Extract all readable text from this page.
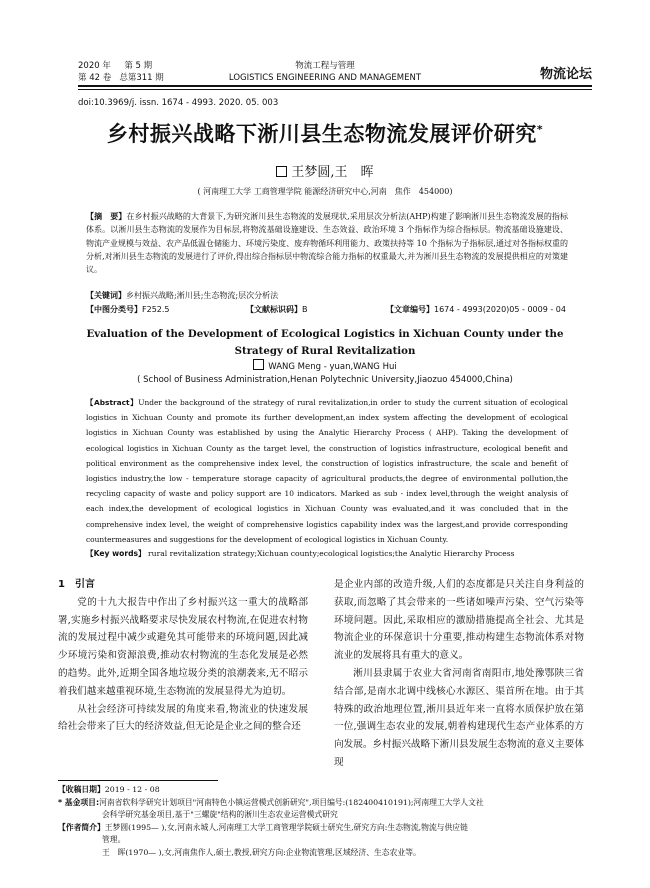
2020 年 第 5 期
第 42 卷 总第311 期
物流工程与管理
LOGISTICS ENGINEERING AND MANAGEMENT	物流论坛
doi:10.3969/j. issn. 1674 - 4993. 2020. 05. 003
乡村振兴战略下淅川县生态物流发展评价研究*
王梦圆,王　晖
( 河南理工大学 工商管理学院 能源经济研究中心,河南　焦作　454000)
【摘　要】在乡村振兴战略的大背景下,为研究淅川县生态物流的发展现状,采用层次分析法(AHP)构建了影响淅川县生态物流发展的指标体系。以淅川县生态物流的发展作为目标层,将物流基础设施建设、生态效益、政治环境 3 个指标作为综合指标层。物流基础设施建设、物流产业规模与效益、农产品低温仓储能力、环境污染度、废弃物循环利用能力、政策扶持等 10 个指标为子指标层,通过对各指标权重的分析,对淅川县生态物流的发展进行了评价,得出综合指标层中物流综合能力指标的权重最大,并为淅川县生态物流的发展提供相应的对策建议。
【关键词】乡村振兴战略;淅川县;生态物流;层次分析法
【中图分类号】F252.5	【文献标识码】B	【文章编号】1674 - 4993(2020)05 - 0009 - 04
Evaluation of the Development of Ecological Logistics in Xichuan County under the
Strategy of Rural Revitalization
WANG Meng - yuan,WANG Hui
( School of Business Administration,Henan Polytechnic University,Jiaozuo 454000,China)
【Abstract】Under the background of the strategy of rural revitalization,in order to study the current situation of ecological logistics in Xichuan County and promote its further development,an index system affecting the development of ecological logistics in Xichuan County was established by using the Analytic Hierarchy Process ( AHP). Taking the development of ecological logistics in Xichuan County as the target level, the construction of logistics infrastructure, ecological benefit and political environment as the comprehensive index level, the construction of logistics infrastructure, the scale and benefit of logistics industry,the low - temperature storage capacity of agricultural products,the degree of environmental pollution,the recycling capacity of waste and policy support are 10 indicators. Marked as sub - index level,through the weight analysis of each index,the development of ecological logistics in Xichuan County was evaluated,and it was concluded that in the comprehensive index level, the weight of comprehensive logistics capability index was the largest,and provide corresponding countermeasures and suggestions for the development of ecological logistics in Xichuan County.
【Key words】 rural revitalization strategy;Xichuan county;ecological logistics;the Analytic Hierarchy Process
1　引言

党的十九大报告中作出了乡村振兴这一重大的战略部署,实施乡村振兴战略要求尽快发展农村物流,在促进农村物流的发展过程中减少或避免其可能带来的环境问题,因此减少环境污染和资源浪费,推动农村物流的生态化发展是必然的趋势。此外,近期全国各地垃圾分类的浪潮袭来,无不昭示着我们越来越重视环境,生态物流的发展显得尤为迫切。

从社会经济可持续发展的角度来看,物流业的快速发展给社会带来了巨大的经济效益,但无论是企业之间的整合还

是企业内部的改造升级,人们的态度都是只关注自身利益的获取,而忽略了其会带来的一些诸如噪声污染、空气污染等环境问题。因此,采取相应的激励措施提高全社会、尤其是物流企业的环保意识十分重要,推动构建生态物流体系对物流业的发展将具有重大的意义。

淅川县隶属于农业大省河南省南阳市,地处豫鄂陕三省结合部,是南水北调中线核心水源区、渠首所在地。由于其特殊的政治地理位置,淅川县近年来一直将水质保护放在第一位,强调生态农业的发展,朝着构建现代生态产业体系的方向发展。乡村振兴战略下淅川县发展生态物流的意义主要体现

【收稿日期】2019 - 12 - 08
* 基金项目:河南省软科学研究计划项目"河南特色小镇运营模式创新研究",项目编号:(182400410191);河南理工大学人文社
会科学研究基金项目,基于"三螺旋"结构的淅川生态农业运营模式研究
【作者简介】王梦圆(1995— ),女,河南永城人,河南理工大学工商管理学院硕士研究生,研究方向:生态物流,物流与供应链
管理。
王　晖(1970— ),女,河南焦作人,硕士,教授,研究方向:企业物流管理,区域经济、生态农业等。
